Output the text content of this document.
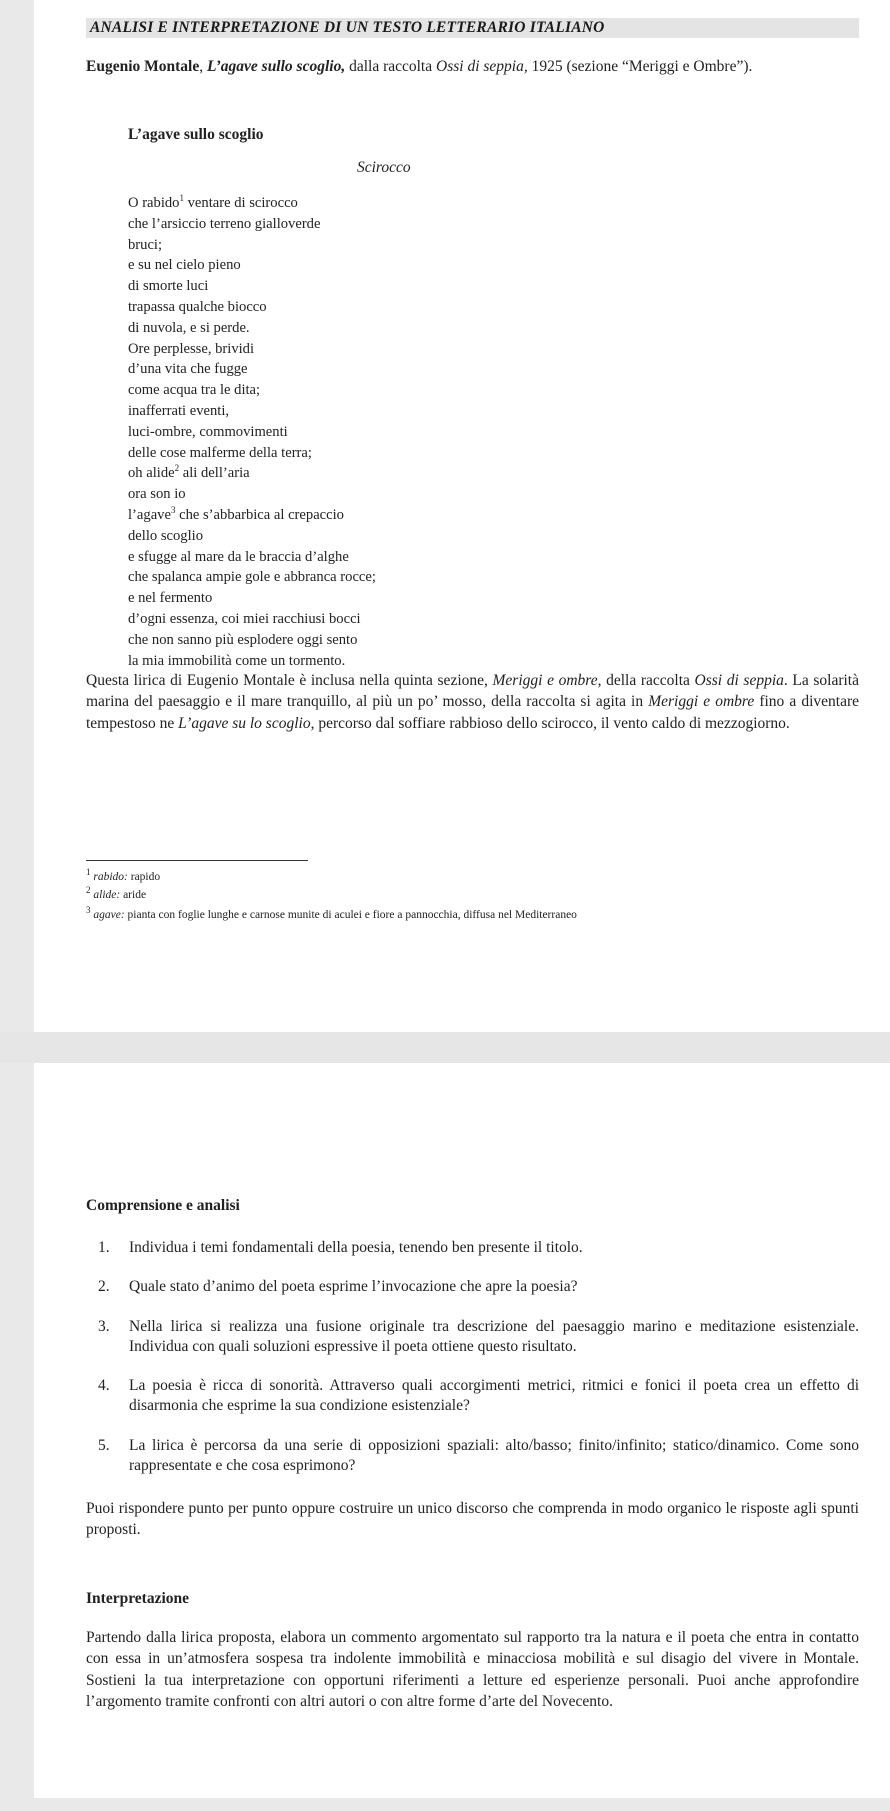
ANALISI E INTERPRETAZIONE DI UN TESTO LETTERARIO ITALIANO
Eugenio Montale, L’agave sullo scoglio, dalla raccolta Ossi di seppia, 1925 (sezione “Meriggi e Ombre”).
L’agave sullo scoglio
Scirocco
O rabido$^1$ ventare di scirocco
che l’arsiccio terreno gialloverde
bruci;
e su nel cielo pieno
di smorte luci
trapassa qualche biocco
di nuvola, e si perde.
Ore perplesse, brividi
d’una vita che fugge
come acqua tra le dita;
inafferrati eventi,
luci-ombre, commovimenti
delle cose malferme della terra;
oh alide$^2$ ali dell’aria
ora son io
l’agave$^3$ che s’abbarbica al crepaccio
dello scoglio
e sfugge al mare da le braccia d’alghe
che spalanca ampie gole e abbranca rocce;
e nel fermento
d’ogni essenza, coi miei racchiusi bocci
che non sanno più esplodere oggi sento
la mia immobilità come un tormento.
Questa lirica di Eugenio Montale è inclusa nella quinta sezione, Meriggi e ombre, della raccolta Ossi di seppia. La solarità marina del paesaggio e il mare tranquillo, al più un po’ mosso, della raccolta si agita in Meriggi e ombre fino a diventare tempestoso ne L’agave su lo scoglio, percorso dal soffiare rabbioso dello scirocco, il vento caldo di mezzogiorno.
$^1$ rabido: rapido
$^2$ alide: aride
$^3$ agave: pianta con foglie lunghe e carnose munite di aculei e fiore a pannocchia, diffusa nel Mediterraneo
Comprensione e analisi
1.	Individua i temi fondamentali della poesia, tenendo ben presente il titolo.
2.	Quale stato d’animo del poeta esprime l’invocazione che apre la poesia?
3.	Nella lirica si realizza una fusione originale tra descrizione del paesaggio marino e meditazione esistenziale. Individua con quali soluzioni espressive il poeta ottiene questo risultato.
4.	La poesia è ricca di sonorità. Attraverso quali accorgimenti metrici, ritmici e fonici il poeta crea un effetto di disarmonia che esprime la sua condizione esistenziale?
5.	La lirica è percorsa da una serie di opposizioni spaziali: alto/basso; finito/infinito; statico/dinamico. Come sono rappresentate e che cosa esprimono?
Puoi rispondere punto per punto oppure costruire un unico discorso che comprenda in modo organico le risposte agli spunti proposti.
Interpretazione
Partendo dalla lirica proposta, elabora un commento argomentato sul rapporto tra la natura e il poeta che entra in contatto con essa in un’atmosfera sospesa tra indolente immobilità e minacciosa mobilità e sul disagio del vivere in Montale. Sostieni la tua interpretazione con opportuni riferimenti a letture ed esperienze personali. Puoi anche approfondire l’argomento tramite confronti con altri autori o con altre forme d’arte del Novecento.
